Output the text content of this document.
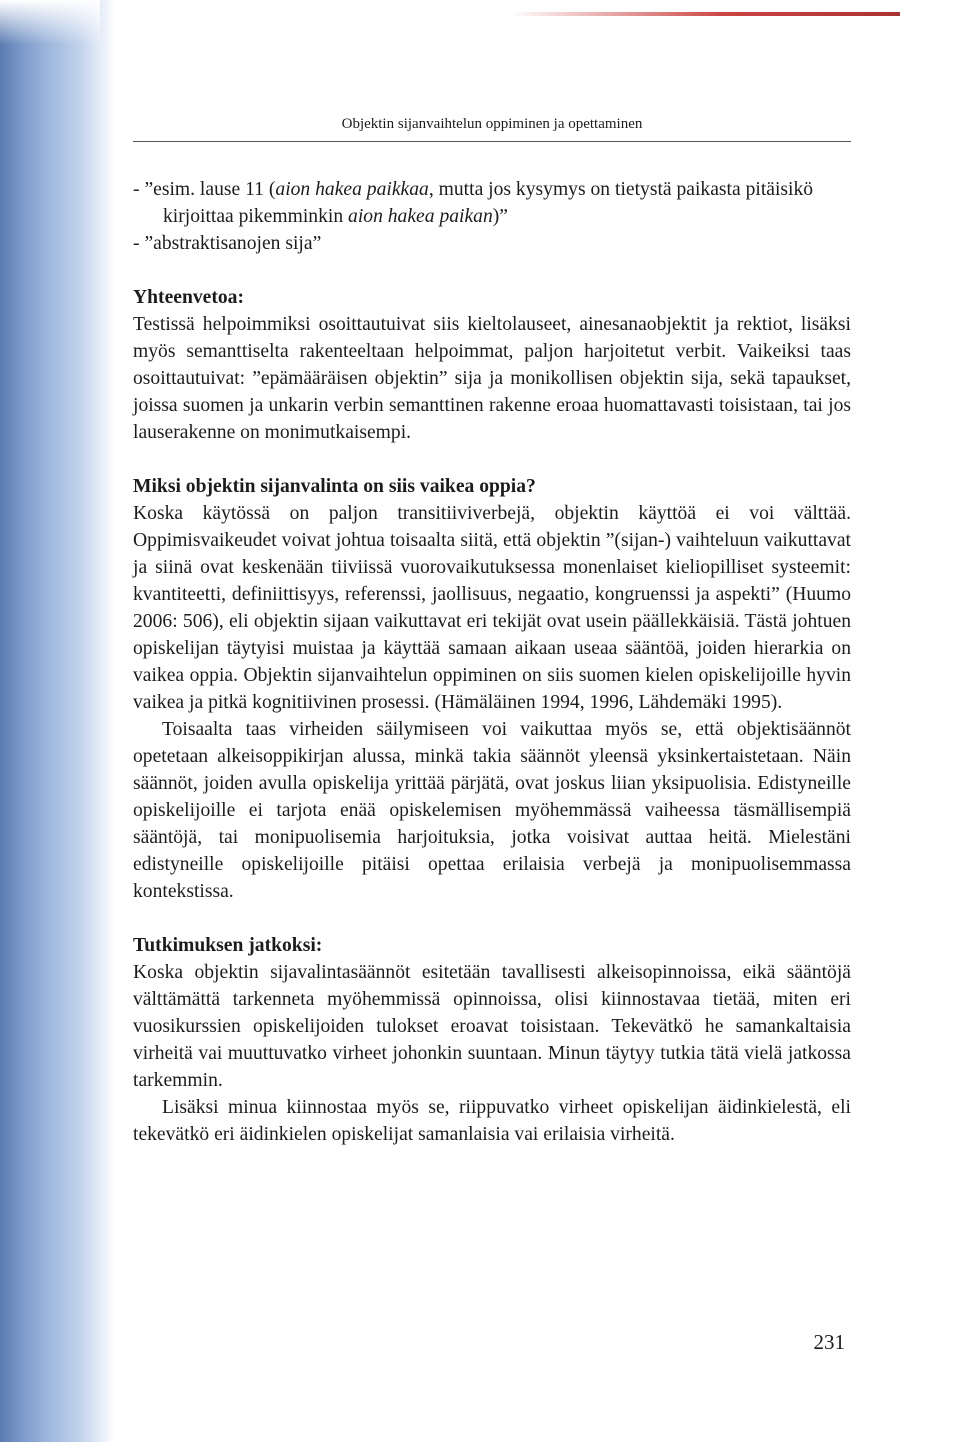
Objektin sijanvaihtelun oppiminen ja opettaminen

- ”esim. lause 11 (aion hakea paikkaa, mutta jos kysymys on tietystä paikasta pitäisikö kirjoittaa pikemminkin aion hakea paikan)”

- ”abstraktisanojen sija”

Yhteenvetoa:

Testissä helpoimmiksi osoittautuivat siis kieltolauseet, ainesanaobjektit ja rektiot, lisäksi myös semanttiselta rakenteeltaan helpoimmat, paljon harjoitetut verbit. Vaikeiksi taas osoittautuivat: ”epämääräisen objektin” sija ja monikollisen objektin sija, sekä tapaukset, joissa suomen ja unkarin verbin semanttinen rakenne eroaa huomattavasti toisistaan, tai jos lauserakenne on monimutkaisempi.

Miksi objektin sijanvalinta on siis vaikea oppia?

Koska käytössä on paljon transitiiviverbejä, objektin käyttöä ei voi välttää. Oppimisvaikeudet voivat johtua toisaalta siitä, että objektin ”(sijan-) vaihteluun vaikuttavat ja siinä ovat keskenään tiiviissä vuorovaikutuksessa monenlaiset kieliopilliset systeemit: kvantiteetti, definiittisyys, referenssi, jaollisuus, negaatio, kongruenssi ja aspekti” (Huumo 2006: 506), eli objektin sijaan vaikuttavat eri tekijät ovat usein päällekkäisiä. Tästä johtuen opiskelijan täytyisi muistaa ja käyttää samaan aikaan useaa sääntöä, joiden hierarkia on vaikea oppia. Objektin sijanvaihtelun oppiminen on siis suomen kielen opiskelijoille hyvin vaikea ja pitkä kognitiivinen prosessi. (Hämäläinen 1994, 1996, Lähdemäki 1995).

Toisaalta taas virheiden säilymiseen voi vaikuttaa myös se, että objektisäännöt opetetaan alkeisoppikirjan alussa, minkä takia säännöt yleensä yksinkertaistetaan. Näin säännöt, joiden avulla opiskelija yrittää pärjätä, ovat joskus liian yksipuolisia. Edistyneille opiskelijoille ei tarjota enää opiskelemisen myöhemmässä vaiheessa täsmällisempiä sääntöjä, tai monipuolisemia harjoituksia, jotka voisivat auttaa heitä. Mielestäni edistyneille opiskelijoille pitäisi opettaa erilaisia verbejä ja monipuolisemmassa kontekstissa.

Tutkimuksen jatkoksi:

Koska objektin sijavalintasäännöt esitetään tavallisesti alkeisopinnoissa, eikä sääntöjä välttämättä tarkenneta myöhemmissä opinnoissa, olisi kiinnostavaa tietää, miten eri vuosikurssien opiskelijoiden tulokset eroavat toisistaan. Tekevätkö he samankaltaisia virheitä vai muuttuvatko virheet johonkin suuntaan. Minun täytyy tutkia tätä vielä jatkossa tarkemmin.

Lisäksi minua kiinnostaa myös se, riippuvatko virheet opiskelijan äidinkielestä, eli tekevätkö eri äidinkielen opiskelijat samanlaisia vai erilaisia virheitä.

231
